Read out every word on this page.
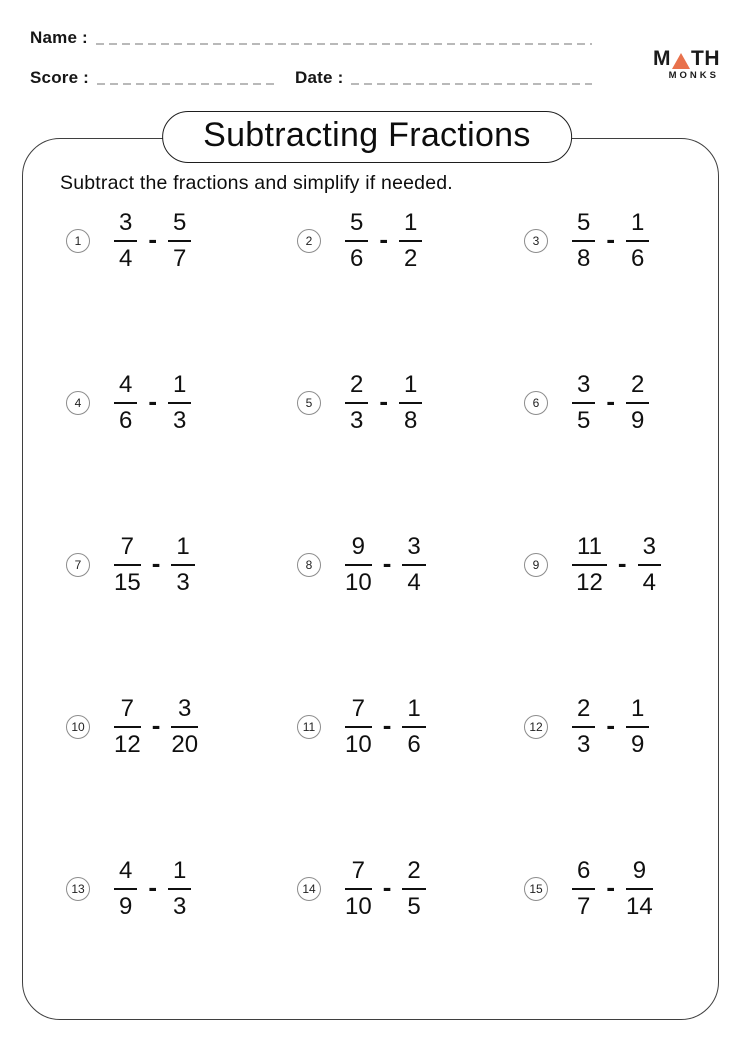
Name :
Score :	Date :
M TH
MONKS
Subtracting Fractions
Subtract the fractions and simplify if needed.
1	$\frac{3}{4} - \frac{5}{7}$	2	$\frac{5}{6} - \frac{1}{2}$	3	$\frac{5}{8} - \frac{1}{6}$
4	$\frac{4}{6} - \frac{1}{3}$	5	$\frac{2}{3} - \frac{1}{8}$	6	$\frac{3}{5} - \frac{2}{9}$
7	$\frac{7}{15} - \frac{1}{3}$	8	$\frac{9}{10} - \frac{3}{4}$	9	$\frac{11}{12} - \frac{3}{4}$
$10 \frac{7}{12} - \frac{3}{20}$	$11 \frac{7}{10} - \frac{1}{6}$	$12 \frac{2}{3} - \frac{1}{9}$
$13 \frac{4}{9} - \frac{1}{3}$	$14 \frac{7}{10} - \frac{2}{5}$	$15 \frac{6}{7} - \frac{9}{14}$
